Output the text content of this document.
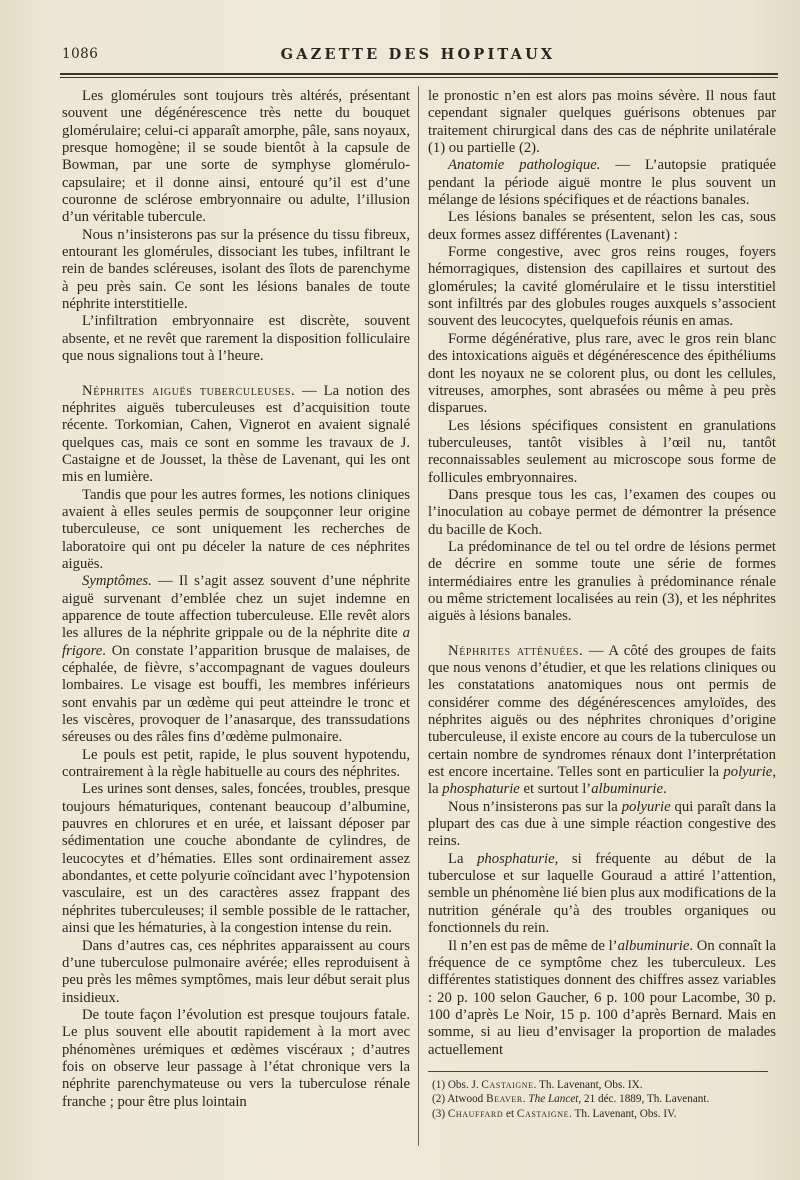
1086	GAZETTE DES HOPITAUX

Les glomérules sont toujours très altérés, présentant souvent une dégénérescence très nette du bouquet glomérulaire; celui-ci apparaît amorphe, pâle, sans noyaux, presque homogène; il se soude bientôt à la capsule de Bowman, par une sorte de symphyse glomérulo-capsulaire; et il donne ainsi, entouré qu’il est d’une couronne de sclérose embryonnaire ou adulte, l’illusion d’un véritable tubercule.

Nous n’insisterons pas sur la présence du tissu fibreux, entourant les glomérules, dissociant les tubes, infiltrant le rein de bandes scléreuses, isolant des îlots de parenchyme à peu près sain. Ce sont les lésions banales de toute néphrite interstitielle.

L’infiltration embryonnaire est discrète, souvent absente, et ne revêt que rarement la disposition folliculaire que nous signalions tout à l’heure.

Néphrites aiguës tuberculeuses. — La notion des néphrites aiguës tuberculeuses est d’acquisition toute récente. Torkomian, Cahen, Vignerot en avaient signalé quelques cas, mais ce sont en somme les travaux de J. Castaigne et de Jousset, la thèse de Lavenant, qui les ont mis en lumière.

Tandis que pour les autres formes, les notions cliniques avaient à elles seules permis de soupçonner leur origine tuberculeuse, ce sont uniquement les recherches de laboratoire qui ont pu déceler la nature de ces néphrites aiguës.

Symptômes. — Il s’agit assez souvent d’une néphrite aiguë survenant d’emblée chez un sujet indemne en apparence de toute affection tuberculeuse. Elle revêt alors les allures de la néphrite grippale ou de la néphrite dite a frigore. On constate l’apparition brusque de malaises, de céphalée, de fièvre, s’accompagnant de vagues douleurs lombaires. Le visage est bouffi, les membres inférieurs sont envahis par un œdème qui peut atteindre le tronc et les viscères, provoquer de l’anasarque, des transsudations séreuses ou des râles fins d’œdème pulmonaire.

Le pouls est petit, rapide, le plus souvent hypotendu, contrairement à la règle habituelle au cours des néphrites.

Les urines sont denses, sales, foncées, troubles, presque toujours hématuriques, contenant beaucoup d’albumine, pauvres en chlorures et en urée, et laissant déposer par sédimentation une couche abondante de cylindres, de leucocytes et d’hématies. Elles sont ordinairement assez abondantes, et cette polyurie coïncidant avec l’hypotension vasculaire, est un des caractères assez frappant des néphrites tuberculeuses; il semble possible de le rattacher, ainsi que les hématuries, à la congestion intense du rein.

Dans d’autres cas, ces néphrites apparaissent au cours d’une tuberculose pulmonaire avérée; elles reproduisent à peu près les mêmes symptômes, mais leur début serait plus insidieux.

De toute façon l’évolution est presque toujours fatale. Le plus souvent elle aboutit rapidement à la mort avec phénomènes urémiques et œdèmes viscéraux ; d’autres fois on observe leur passage à l’état chronique vers la néphrite parenchymateuse ou vers la tuberculose rénale franche ; pour être plus lointain

le pronostic n’en est alors pas moins sévère. Il nous faut cependant signaler quelques guérisons obtenues par traitement chirurgical dans des cas de néphrite unilatérale (1) ou partielle (2).

Anatomie pathologique. — L’autopsie pratiquée pendant la période aiguë montre le plus souvent un mélange de lésions spécifiques et de réactions banales.

Les lésions banales se présentent, selon les cas, sous deux formes assez différentes (Lavenant) :

Forme congestive, avec gros reins rouges, foyers hémorragiques, distension des capillaires et surtout des glomérules; la cavité glomérulaire et le tissu interstitiel sont infiltrés par des globules rouges auxquels s’associent souvent des leucocytes, quelquefois réunis en amas.

Forme dégénérative, plus rare, avec le gros rein blanc des intoxications aiguës et dégénérescence des épithéliums dont les noyaux ne se colorent plus, ou dont les cellules, vitreuses, amorphes, sont abrasées ou même à peu près disparues.

Les lésions spécifiques consistent en granulations tuberculeuses, tantôt visibles à l’œil nu, tantôt reconnaissables seulement au microscope sous forme de follicules embryonnaires.

Dans presque tous les cas, l’examen des coupes ou l’inoculation au cobaye permet de démontrer la présence du bacille de Koch.

La prédominance de tel ou tel ordre de lésions permet de décrire en somme toute une série de formes intermédiaires entre les granulies à prédominance rénale ou même strictement localisées au rein (3), et les néphrites aiguës à lésions banales.

Néphrites atténuées. — A côté des groupes de faits que nous venons d’étudier, et que les relations cliniques ou les constatations anatomiques nous ont permis de considérer comme des dégénérescences amyloïdes, des néphrites aiguës ou des néphrites chroniques d’origine tuberculeuse, il existe encore au cours de la tuberculose un certain nombre de syndromes rénaux dont l’interprétation est encore incertaine. Telles sont en particulier la polyurie, la phosphaturie et surtout l’albuminurie.

Nous n’insisterons pas sur la polyurie qui paraît dans la plupart des cas due à une simple réaction congestive des reins.

La phosphaturie, si fréquente au début de la tuberculose et sur laquelle Gouraud a attiré l’attention, semble un phénomène lié bien plus aux modifications de la nutrition générale qu’à des troubles organiques ou fonctionnels du rein.

Il n’en est pas de même de l’albuminurie. On connaît la fréquence de ce symptôme chez les tuberculeux. Les différentes statistiques donnent des chiffres assez variables : 20 p. 100 selon Gaucher, 6 p. 100 pour Lacombe, 30 p. 100 d’après Le Noir, 15 p. 100 d’après Bernard. Mais en somme, si au lieu d’envisager la proportion de malades actuellement

(1) Obs. J. Castaigne. Th. Lavenant, Obs. IX.
(2) Atwood Beaver. The Lancet, 21 déc. 1889, Th. Lavenant.
(3) Chauffard et Castaigne. Th. Lavenant, Obs. IV.
